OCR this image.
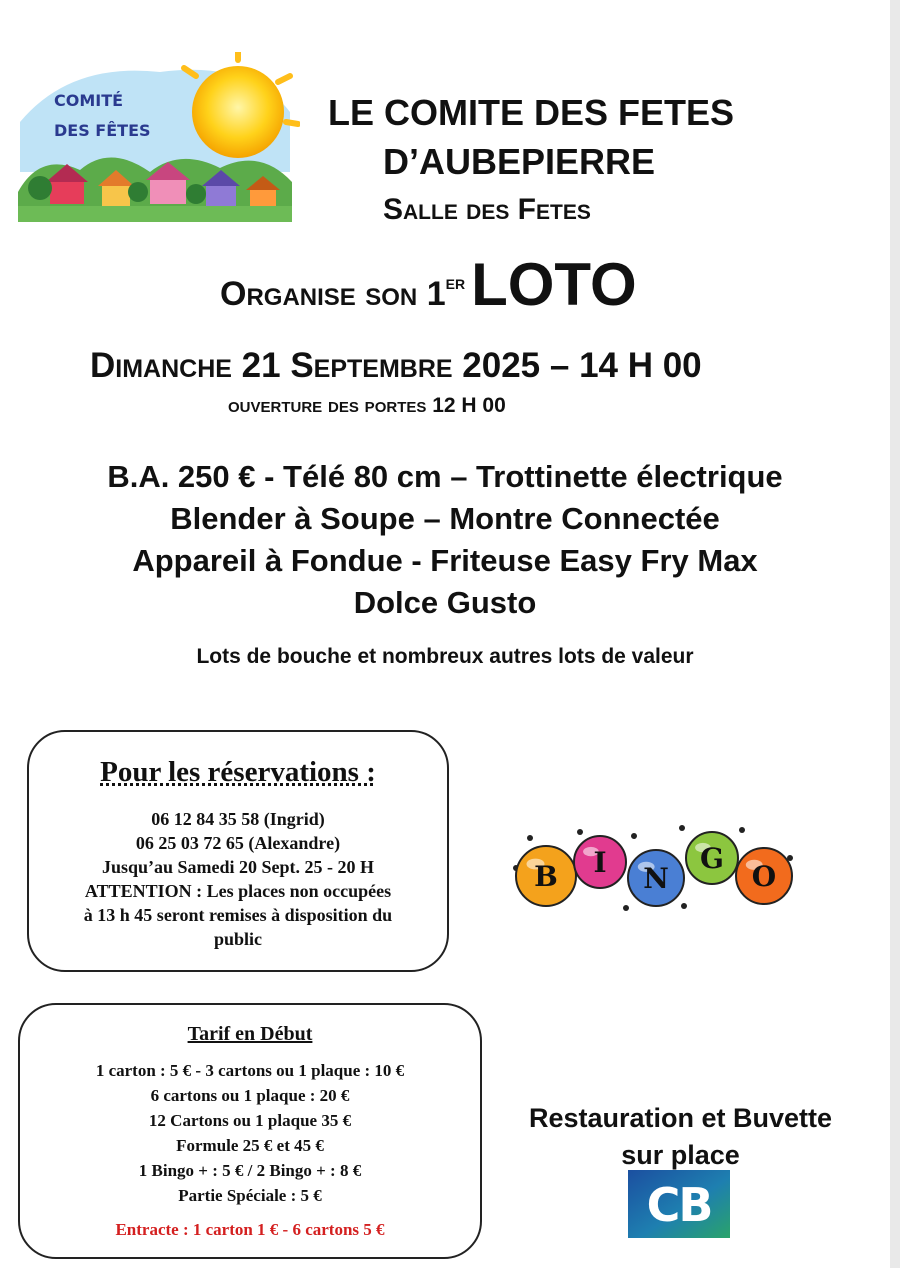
COMITÉ
DES FÊTES	LE COMITE DES FETES
D’AUBEPIERRE
Salle des Fetes
Organise son 1er LOTO
Dimanche 21 Septembre 2025 – 14 H 00
ouverture des portes 12 H 00
B.A. 250 € - Télé 80 cm – Trottinette électrique
Blender à Soupe – Montre Connectée
Appareil à Fondue - Friteuse Easy Fry Max
Dolce Gusto
Lots de bouche et nombreux autres lots de valeur
Pour les réservations :
06 12 84 35 58 (Ingrid)
06 25 03 72 65 (Alexandre)
Jusqu’au Samedi 20 Sept. 25 - 20 H
ATTENTION : Les places non occupées
à 13 h 45 seront remises à disposition du
public
B I N
G
O
Tarif en Début
1 carton : 5 € - 3 cartons ou 1 plaque : 10 €
6 cartons ou 1 plaque : 20 €
12 Cartons ou 1 plaque 35 €
Formule 25 € et 45 €
1 Bingo + : 5 € / 2 Bingo + : 8 €
Partie Spéciale : 5 €
Entracte : 1 carton 1 € - 6 cartons 5 €
Restauration et Buvette
sur place
CB
